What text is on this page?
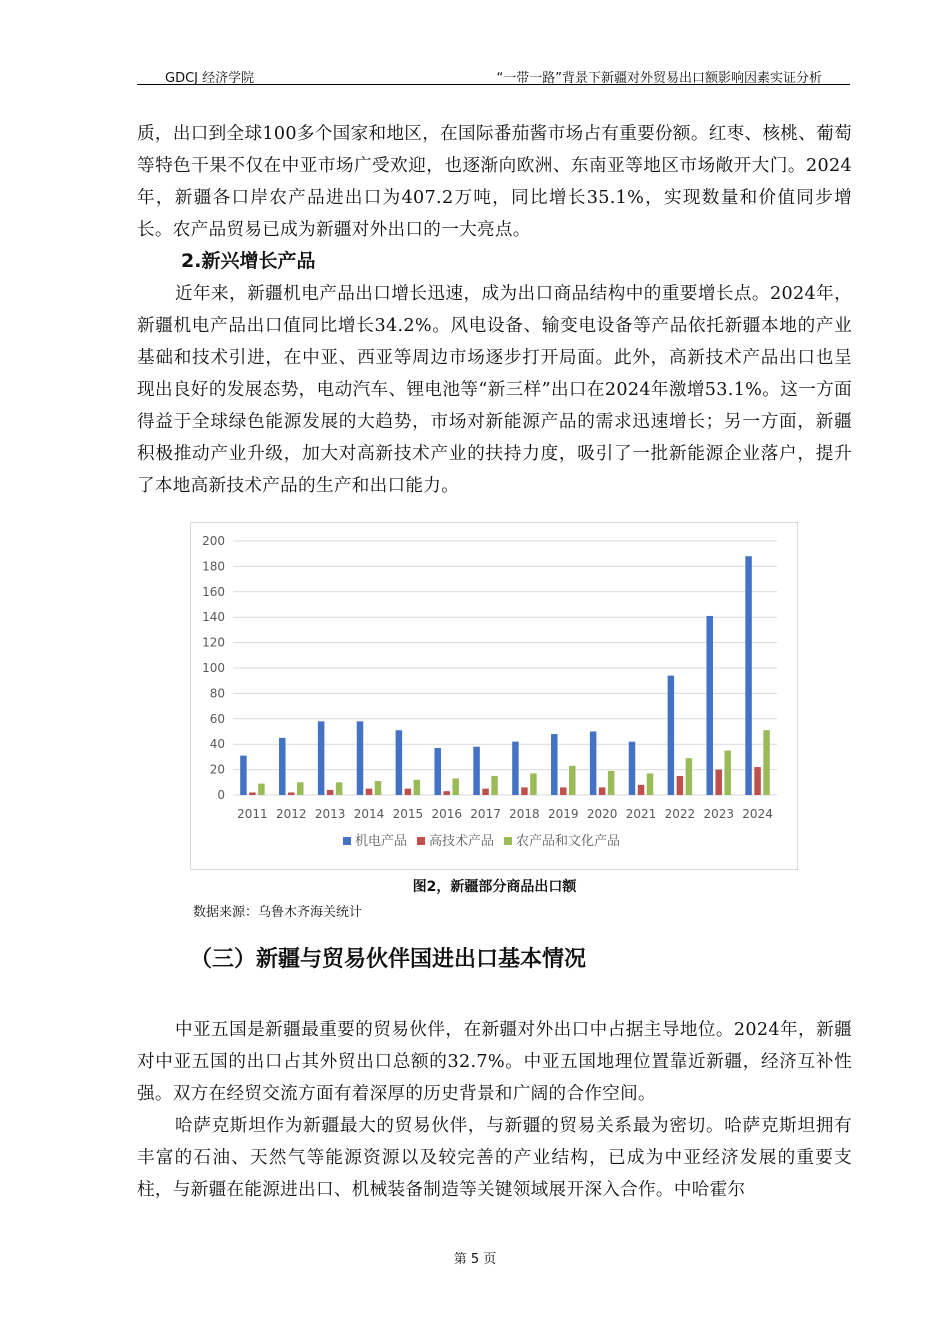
GDCJ 经济学院	“一带一路”背景下新疆对外贸易出口额影响因素实证分析

质，出口到全球100多个国家和地区，在国际番茄酱市场占有重要份额。红枣、核桃、葡萄等特色干果不仅在中亚市场广受欢迎，也逐渐向欧洲、东南亚等地区市场敞开大门。2024年，新疆各口岸农产品进出口为407.2万吨，同比增长35.1%，实现数量和价值同步增长。农产品贸易已成为新疆对外出口的一大亮点。

2.新兴增长产品

近年来，新疆机电产品出口增长迅速，成为出口商品结构中的重要增长点。2024年，新疆机电产品出口值同比增长34.2%。风电设备、输变电设备等产品依托新疆本地的产业基础和技术引进，在中亚、西亚等周边市场逐步打开局面。此外，高新技术产品出口也呈现出良好的发展态势，电动汽车、锂电池等“新三样”出口在2024年激增53.1%。这一方面得益于全球绿色能源发展的大趋势，市场对新能源产品的需求迅速增长；另一方面，新疆积极推动产业升级，加大对高新技术产业的扶持力度，吸引了一批新能源企业落户，提升了本地高新技术产品的生产和出口能力。

0
20
40
60
80
100
120
140
160
180
200
2011 2012 2013 2014 2015 2016 2017 2018 2019 2020 2021 2022 2023 2024
机电产品 高技术产品 农产品和文化产品

图2，新疆部分商品出口额

数据来源：乌鲁木齐海关统计

（三）新疆与贸易伙伴国进出口基本情况

中亚五国是新疆最重要的贸易伙伴，在新疆对外出口中占据主导地位。2024年，新疆对中亚五国的出口占其外贸出口总额的32.7%。中亚五国地理位置靠近新疆，经济互补性强。双方在经贸交流方面有着深厚的历史背景和广阔的合作空间。

哈萨克斯坦作为新疆最大的贸易伙伴，与新疆的贸易关系最为密切。哈萨克斯坦拥有丰富的石油、天然气等能源资源以及较完善的产业结构，已成为中亚经济发展的重要支柱，与新疆在能源进出口、机械装备制造等关键领域展开深入合作。中哈霍尔

第 5 页
